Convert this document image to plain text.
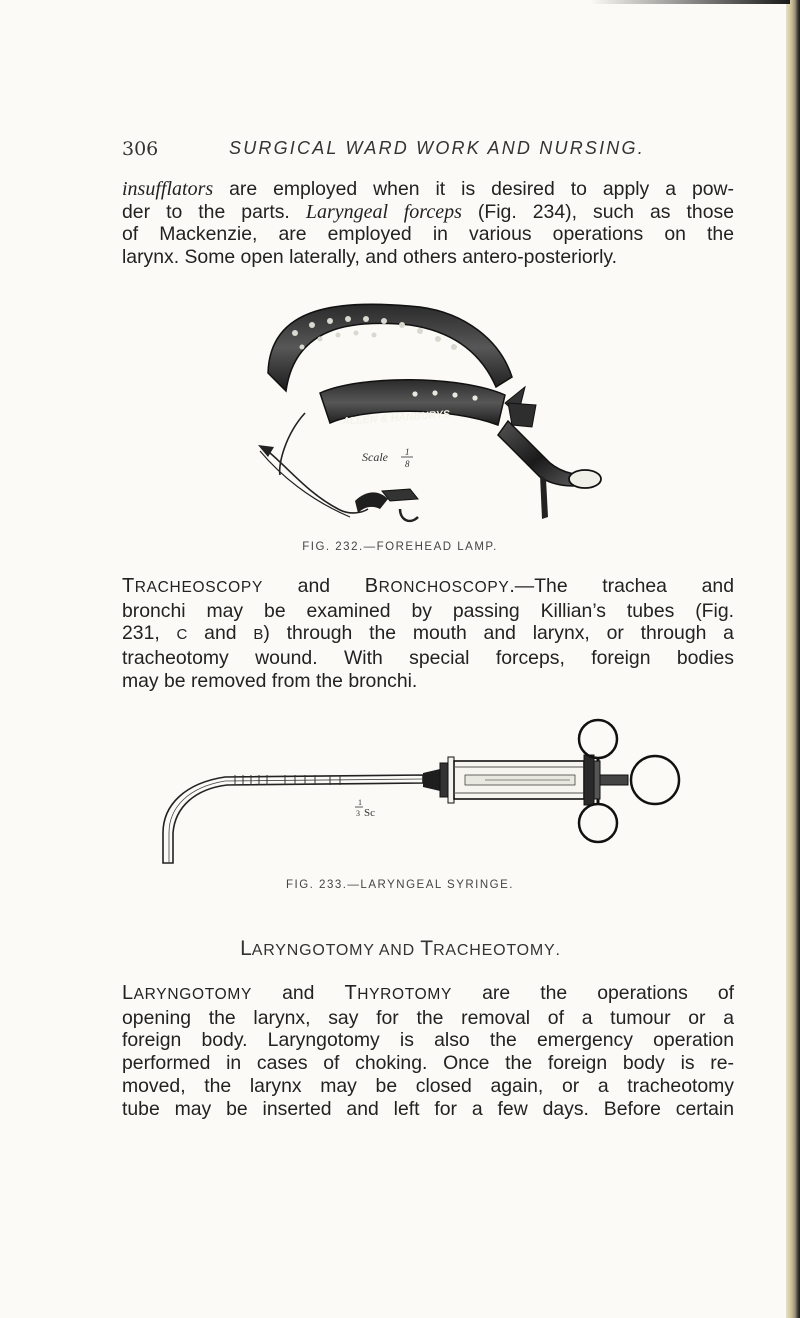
306	SURGICAL WARD WORK AND NURSING.
insufflators are employed when it is desired to apply a pow-
der to the parts. Laryngeal forceps (Fig. 234), such as those
of Mackenzie, are employed in various operations on the
larynx. Some open laterally, and others antero-posteriorly.
ALLEN & HANBURYS
Scale 1
8
FIG. 232.—FOREHEAD LAMP.
TRACHEOSCOPY and BRONCHOSCOPY.—The trachea and
bronchi may be examined by passing Killian’s tubes (Fig.
231, C and B) through the mouth and larynx, or through a
tracheotomy wound. With special forceps, foreign bodies
may be removed from the bronchi.
1
3 Sc
FIG. 233.—LARYNGEAL SYRINGE.
LARYNGOTOMY AND TRACHEOTOMY.
LARYNGOTOMY and THYROTOMY are the operations of
opening the larynx, say for the removal of a tumour or a
foreign body. Laryngotomy is also the emergency operation
performed in cases of choking. Once the foreign body is re-
moved, the larynx may be closed again, or a tracheotomy
tube may be inserted and left for a few days. Before certain
